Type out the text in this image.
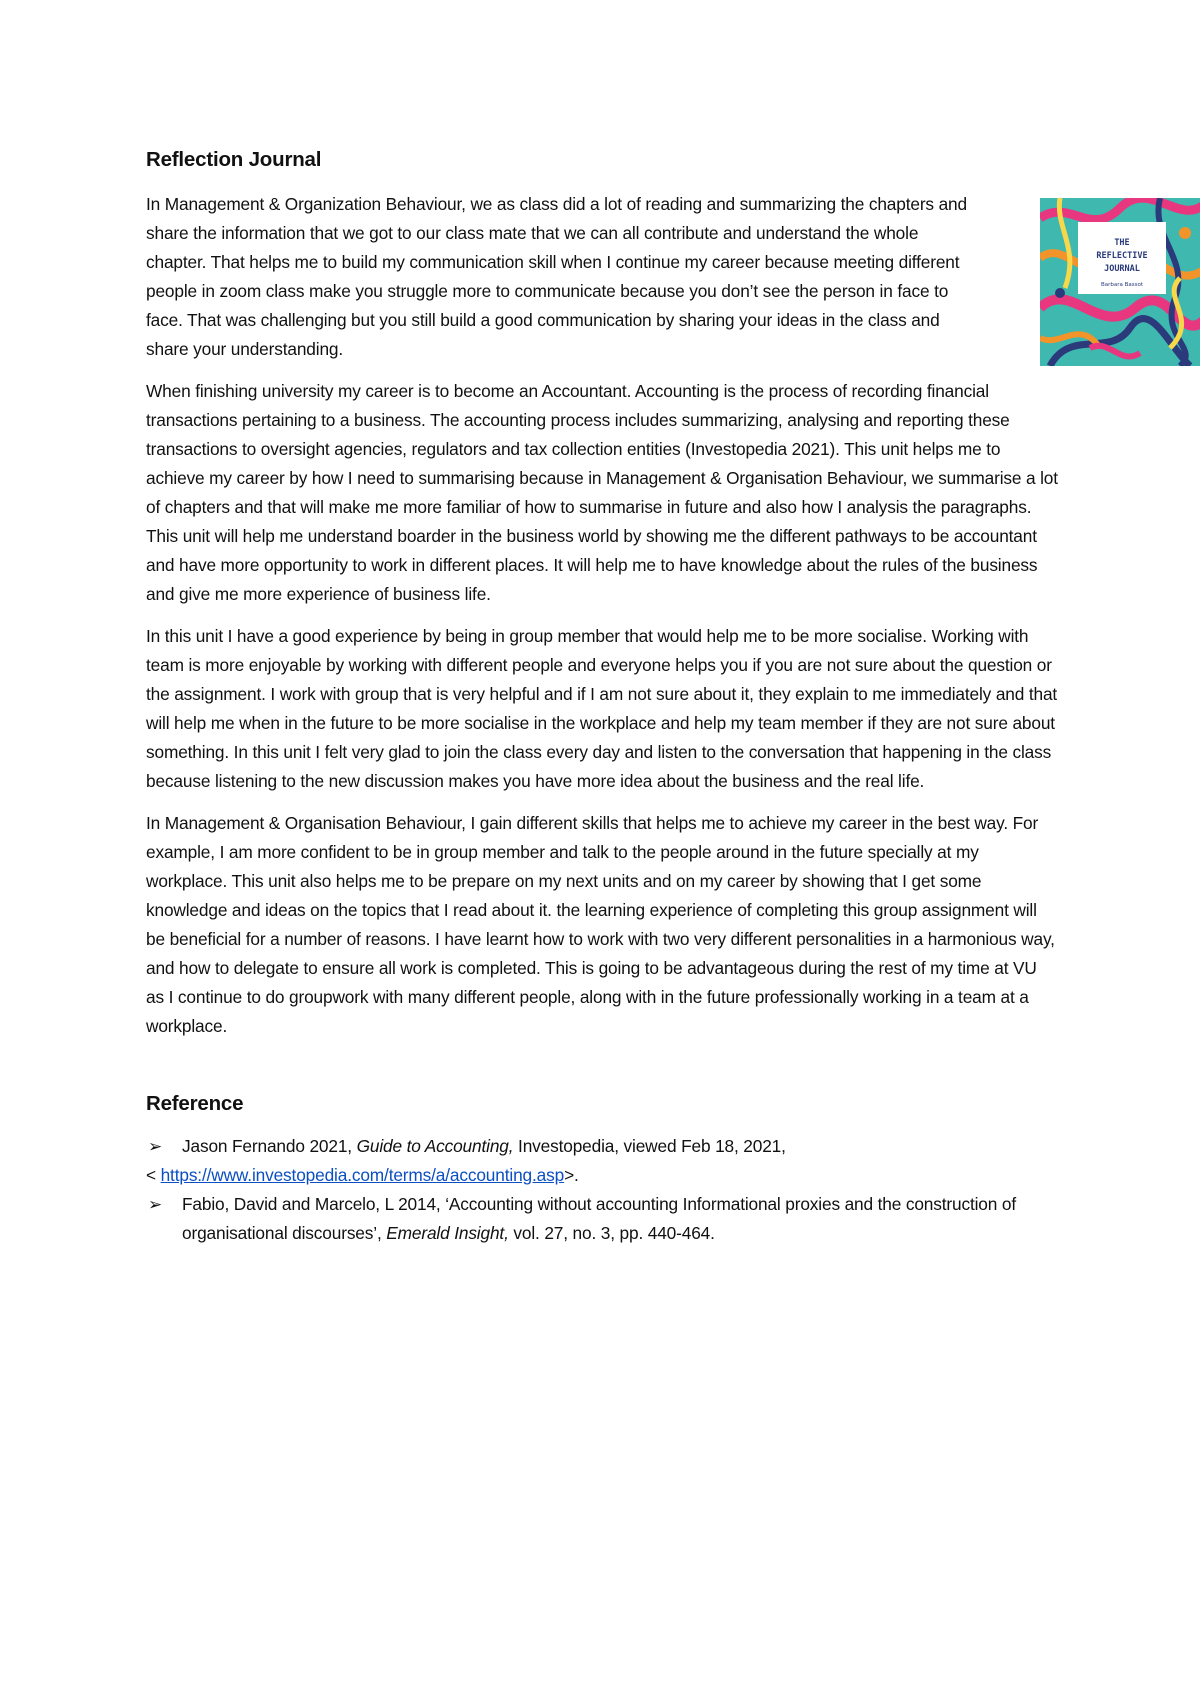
THE
REFLECTIVE
JOURNAL
Barbara Bassot
Reflection Journal

In Management & Organization Behaviour, we as class did a lot of reading and summarizing the chapters and share the information that we got to our class mate that we can all contribute and understand the whole chapter. That helps me to build my communication skill when I continue my career because meeting different people in zoom class make you struggle more to communicate because you don’t see the person in face to face. That was challenging but you still build a good communication by sharing your ideas in the class and share your understanding.

When finishing university my career is to become an Accountant. Accounting is the process of recording financial transactions pertaining to a business. The accounting process includes summarizing, analysing and reporting these transactions to oversight agencies, regulators and tax collection entities (Investopedia 2021). This unit helps me to achieve my career by how I need to summarising because in Management & Organisation Behaviour, we summarise a lot of chapters and that will make me more familiar of how to summarise in future and also how I analysis the paragraphs. This unit will help me understand boarder in the business world by showing me the different pathways to be accountant and have more opportunity to work in different places. It will help me to have knowledge about the rules of the business and give me more experience of business life.

In this unit I have a good experience by being in group member that would help me to be more socialise. Working with team is more enjoyable by working with different people and everyone helps you if you are not sure about the question or the assignment. I work with group that is very helpful and if I am not sure about it, they explain to me immediately and that will help me when in the future to be more socialise in the workplace and help my team member if they are not sure about something. In this unit I felt very glad to join the class every day and listen to the conversation that happening in the class because listening to the new discussion makes you have more idea about the business and the real life.

In Management & Organisation Behaviour, I gain different skills that helps me to achieve my career in the best way. For example, I am more confident to be in group member and talk to the people around in the future specially at my workplace. This unit also helps me to be prepare on my next units and on my career by showing that I get some knowledge and ideas on the topics that I read about it. the learning experience of completing this group assignment will be beneficial for a number of reasons. I have learnt how to work with two very different personalities in a harmonious way, and how to delegate to ensure all work is completed. This is going to be advantageous during the rest of my time at VU as I continue to do groupwork with many different people, along with in the future professionally working in a team at a workplace.

Reference
➢ Jason Fernando 2021, Guide to Accounting, Investopedia, viewed Feb 18, 2021,
< https://www.investopedia.com/terms/a/accounting.asp>.
➢ Fabio, David and Marcelo, L 2014, ‘Accounting without accounting Informational proxies and the construction of organisational discourses’, Emerald Insight, vol. 27, no. 3, pp. 440-464.
